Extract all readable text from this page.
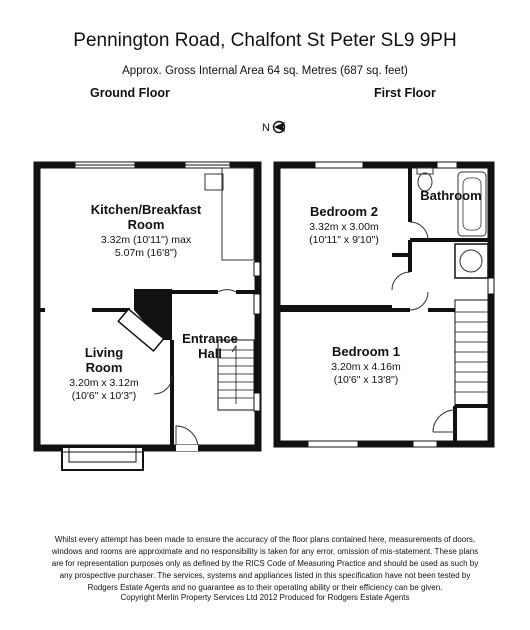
Pennington Road, Chalfont St Peter SL9 9PH
Approx. Gross Internal Area 64 sq. Metres (687 sq. feet)
Ground Floor	First Floor
N
Kitchen/Breakfast
Room
3.32m (10'11") max
5.07m (16'8")
Living
Room
3.20m x 3.12m
(10'6" x 10'3")
Entrance
Hall
Bedroom 2
3.32m x 3.00m
(10'11" x 9'10")
Bathroom
Bedroom 1
3.20m x 4.16m
(10'6" x 13'8")
Whilst every attempt has been made to ensure the accuracy of the floor plans contained here, measurements of doors, windows and rooms are approximate and no responsibility is taken for any error, omission of mis-statement. These plans are for representation purposes only as defined by the RICS Code of Measuring Practice and should be used as such by any prospective purchaser. The services, systems and appliances listed in this specification have not been tested by Rodgers Estate Agents and no guarantee as to their operating ability or their efficiency can be given.
Copyright Merlin Property Services Ltd 2012 Produced for Rodgers Estate Agents
